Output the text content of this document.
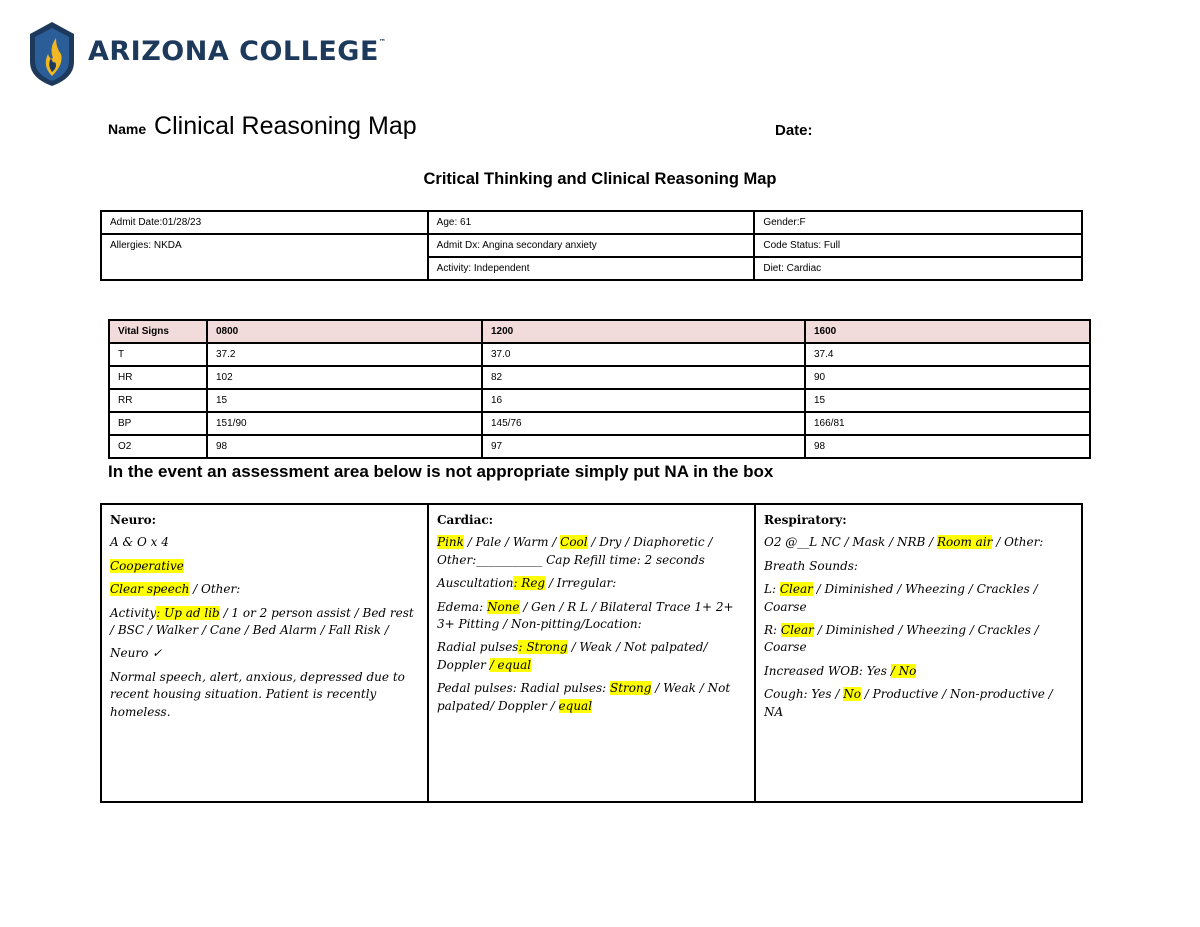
ARIZONA COLLEGE™
Name Clinical Reasoning Map	Date:
Critical Thinking and Clinical Reasoning Map
Admit Date:01/28/23	Age: 61	Gender:F
Allergies: NKDA	Admit Dx: Angina secondary anxiety	Code Status: Full
	Activity: Independent	Diet: Cardiac
Vital Signs	0800	1200	1600
T	37.2	37.0	37.4
HR	102	82	90
RR	15	16	15
BP	151/90	145/76	166/81
O2	98	97	98
In the event an assessment area below is not appropriate simply put NA in the box
Neuro:

A & O x 4

Cooperative

Clear speech / Other:

Activity: Up ad lib / 1 or 2 person assist / Bed rest / BSC / Walker / Cane / Bed Alarm / Fall Risk /

Neuro ✓

Normal speech, alert, anxious, depressed due to recent housing situation. Patient is recently homeless.

Cardiac:

Pink / Pale / Warm / Cool / Dry / Diaphoretic / Other:___________ Cap Refill time: 2 seconds

Auscultation: Reg / Irregular:

Edema: None / Gen / R L / Bilateral Trace 1+ 2+ 3+ Pitting / Non-pitting/Location:

Radial pulses: Strong / Weak / Not palpated/ Doppler / equal

Pedal pulses: Radial pulses: Strong / Weak / Not palpated/ Doppler / equal

Respiratory:

O2 @__L NC / Mask / NRB / Room air / Other:

Breath Sounds:

L: Clear / Diminished / Wheezing / Crackles / Coarse

R: Clear / Diminished / Wheezing / Crackles / Coarse

Increased WOB: Yes / No

Cough: Yes / No / Productive / Non-productive / NA
